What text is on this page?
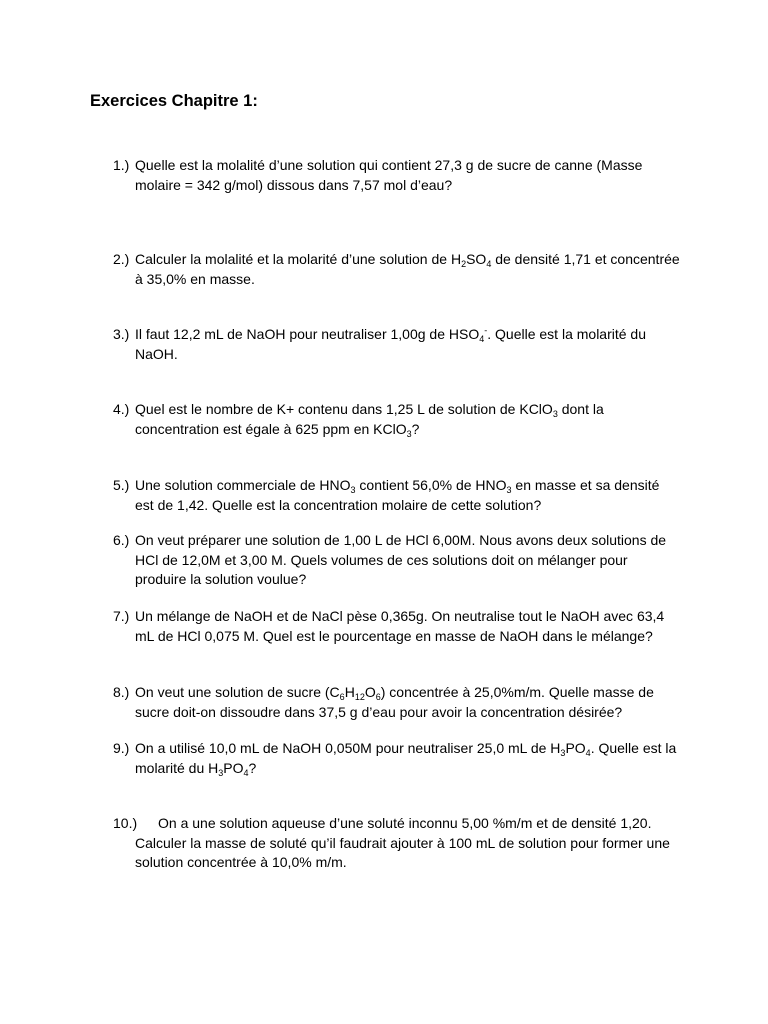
Exercices Chapitre 1:
1.) Quelle est la molalité d’une solution qui contient 27,3 g de sucre de canne (Masse molaire = 342 g/mol) dissous dans 7,57 mol d’eau?
2.) Calculer la molalité et la molarité d’une solution de $H_2SO_4$ de densité 1,71 et concentrée à 35,0% en masse.
3.) Il faut 12,2 mL de NaOH pour neutraliser 1,00g de $HSO_4^-$. Quelle est la molarité du NaOH.
4.) Quel est le nombre de K+ contenu dans 1,25 L de solution de KClO$_3$ dont la concentration est égale à 625 ppm en KClO$_3$?
5.) Une solution commerciale de $HNO_3$ contient 56,0% de $HNO_3$ en masse et sa densité est de 1,42. Quelle est la concentration molaire de cette solution?
6.) On veut préparer une solution de 1,00 L de HCl 6,00M. Nous avons deux solutions de HCl de 12,0M et 3,00 M. Quels volumes de ces solutions doit on mélanger pour produire la solution voulue?
7.) Un mélange de NaOH et de NaCl pèse 0,365g. On neutralise tout le NaOH avec 63,4 mL de HCl 0,075 M. Quel est le pourcentage en masse de NaOH dans le mélange?
8.) On veut une solution de sucre $(C_6H_{12}O_6)$ concentrée à 25,0%m/m. Quelle masse de sucre doit-on dissoudre dans 37,5 g d’eau pour avoir la concentration désirée?
9.) On a utilisé 10,0 mL de NaOH 0,050M pour neutraliser 25,0 mL de $H_3PO_4$. Quelle est la molarité du $H_3PO_4$?
10.)	On a une solution aqueuse d’une soluté inconnu 5,00 %m/m et de densité 1,20. Calculer la masse de soluté qu’il faudrait ajouter à 100 mL de solution pour former une solution concentrée à 10,0% m/m.
